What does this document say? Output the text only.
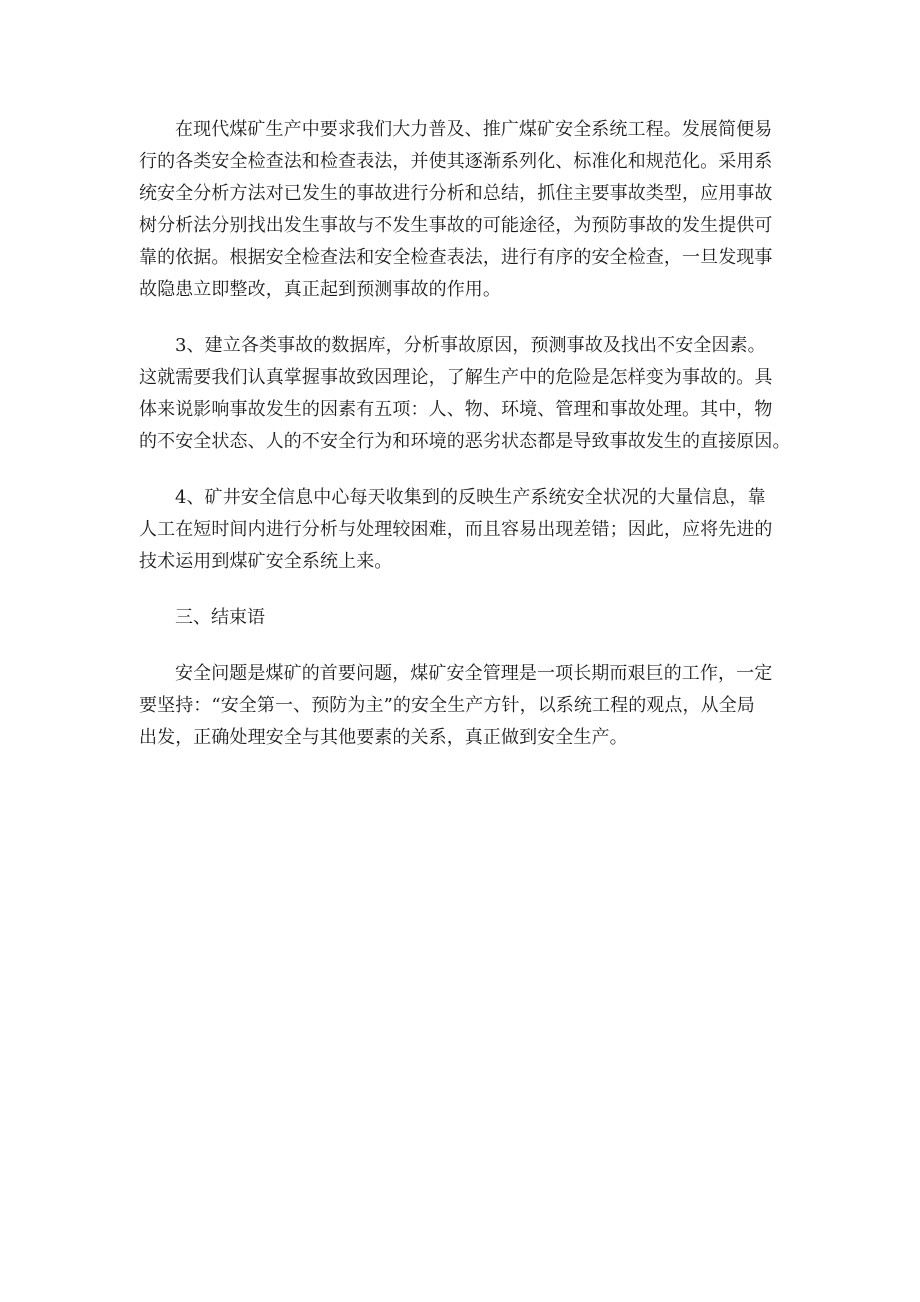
在现代煤矿生产中要求我们大力普及、推广煤矿安全系统工程。发展简便易
行的各类安全检查法和检查表法，并使其逐渐系列化、标准化和规范化。采用系
统安全分析方法对已发生的事故进行分析和总结，抓住主要事故类型，应用事故
树分析法分别找出发生事故与不发生事故的可能途径，为预防事故的发生提供可
靠的依据。根据安全检查法和安全检查表法，进行有序的安全检查，一旦发现事
故隐患立即整改，真正起到预测事故的作用。

3、建立各类事故的数据库，分析事故原因，预测事故及找出不安全因素。
这就需要我们认真掌握事故致因理论，了解生产中的危险是怎样变为事故的。具
体来说影响事故发生的因素有五项：人、物、环境、管理和事故处理。其中，物
的不安全状态、人的不安全行为和环境的恶劣状态都是导致事故发生的直接原因。

4、矿井安全信息中心每天收集到的反映生产系统安全状况的大量信息，靠
人工在短时间内进行分析与处理较困难，而且容易出现差错；因此，应将先进的
技术运用到煤矿安全系统上来。

三、结束语

安全问题是煤矿的首要问题，煤矿安全管理是一项长期而艰巨的工作，一定
要坚持：“安全第一、预防为主”的安全生产方针，以系统工程的观点，从全局
出发，正确处理安全与其他要素的关系，真正做到安全生产。
